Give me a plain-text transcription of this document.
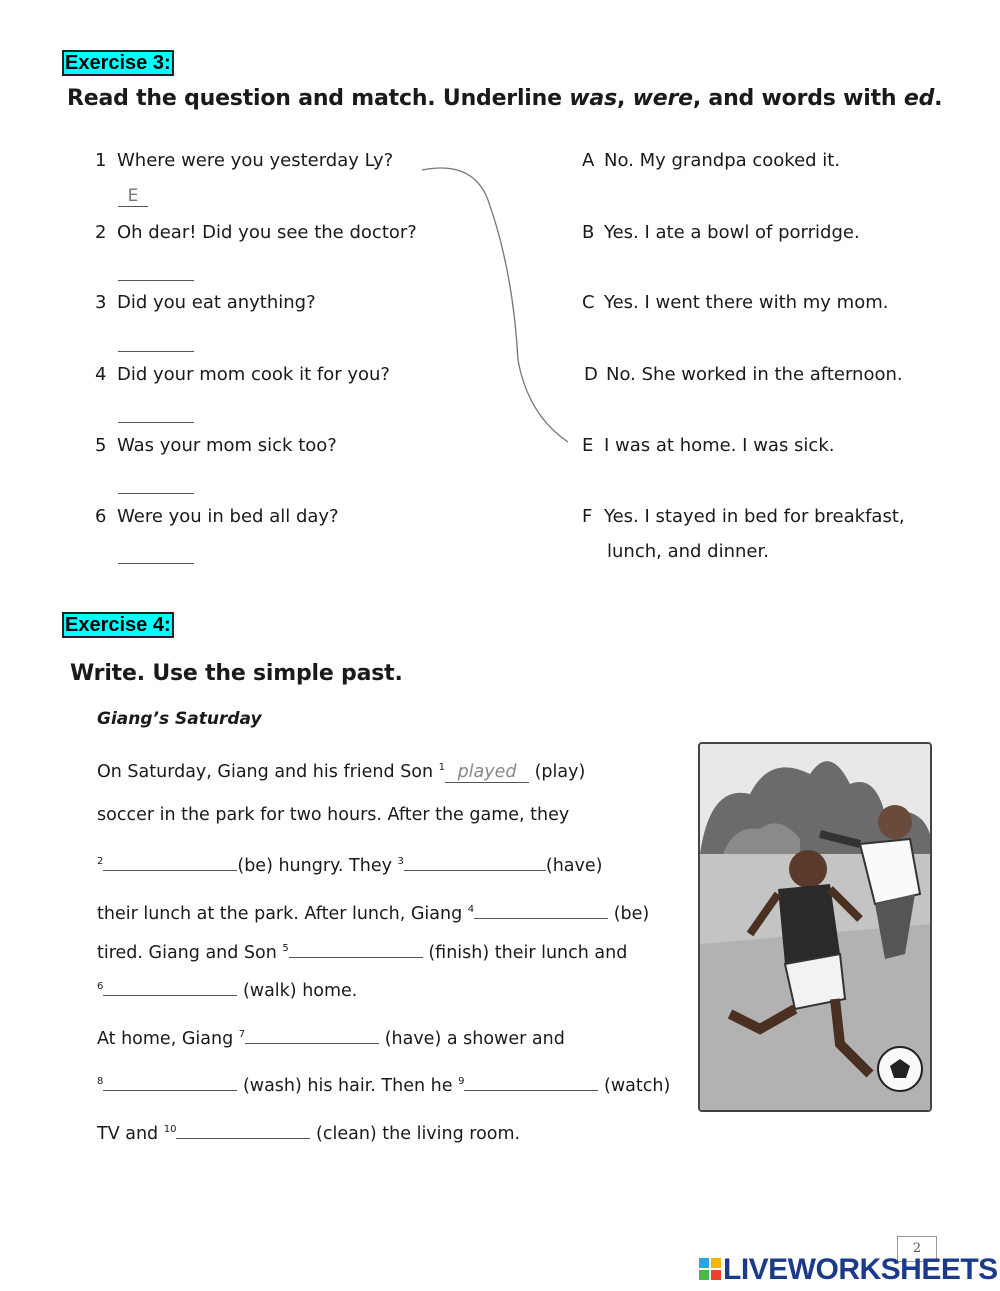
Exercise 3:
Read the question and match. Underline was, were, and words with ed.
1 Where were you yesterday Ly?
E
2 Oh dear! Did you see the doctor?
3 Did you eat anything?
4 Did your mom cook it for you?
5 Was your mom sick too?
6 Were you in bed all day?
A No. My grandpa cooked it.
B Yes. I ate a bowl of porridge.
C Yes. I went there with my mom.
D No. She worked in the afternoon.
E I was at home. I was sick.
F Yes. I stayed in bed for breakfast,
lunch, and dinner.
Exercise 4:
Write. Use the simple past.
Giang’s Saturday
On Saturday, Giang and his friend Son $^1$ played (play)
soccer in the park for two hours. After the game, they
$^2$	(be) hungry. They $^3$	(have)
their lunch at the park. After lunch, Giang $^4$	(be)
tired. Giang and Son $^5$	(finish) their lunch and
$^6$	(walk) home.
At home, Giang $^7$	(have) a shower and
$^8$	(wash) his hair. Then he $^9$	(watch)
TV and $^{10}$	(clean) the living room.
2
LIVEWORKSHEETS
